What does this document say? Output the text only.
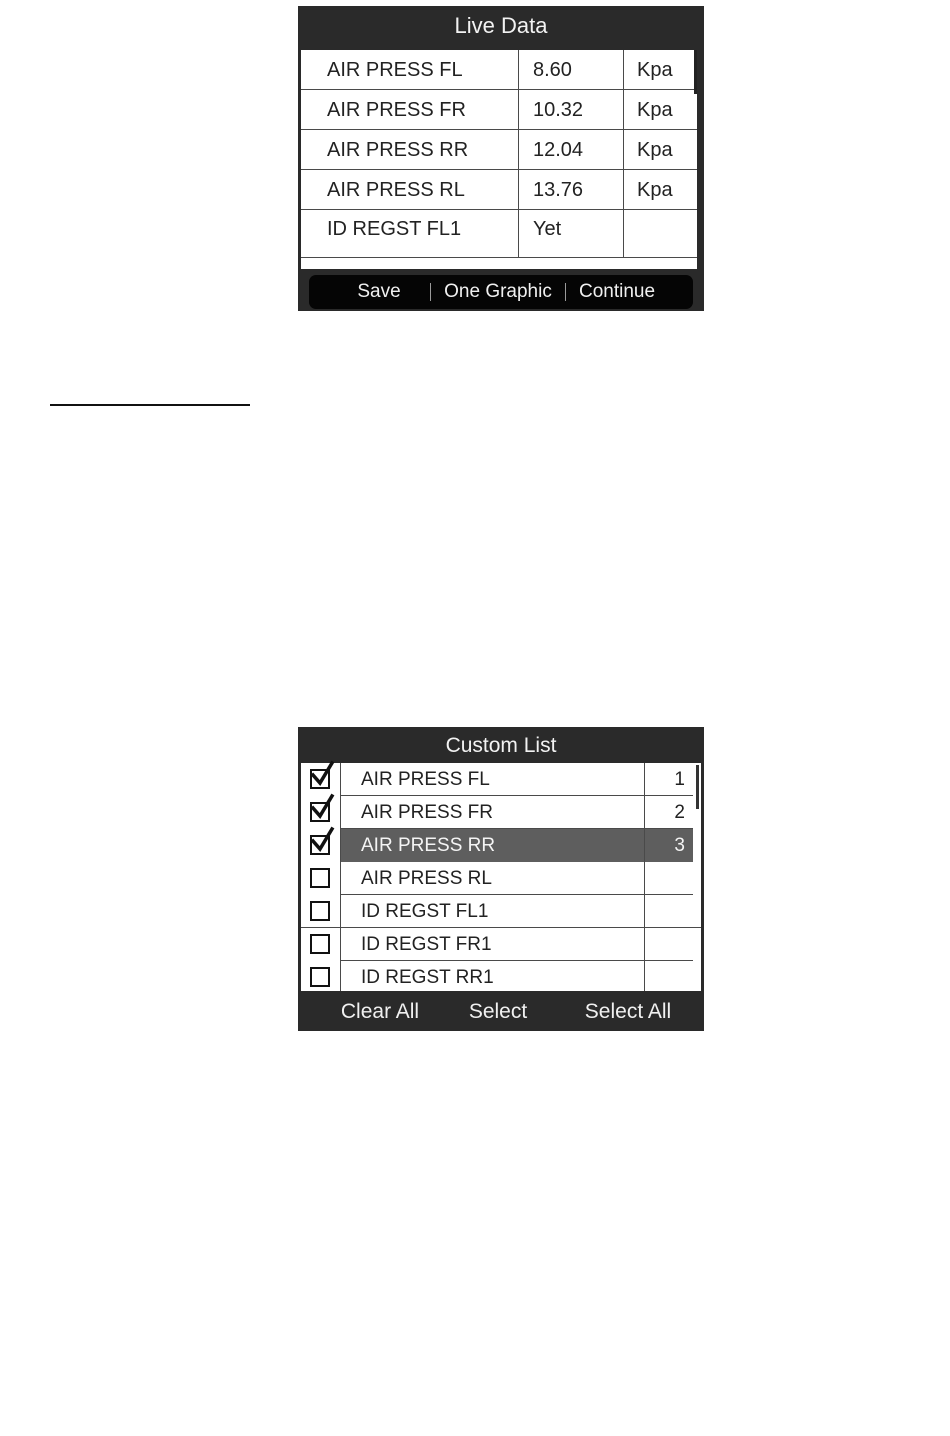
Live Data
AIR PRESS FL	8.60	Kpa
AIR PRESS FR	10.32	Kpa
AIR PRESS RR	12.04	Kpa
AIR PRESS RL	13.76	Kpa
ID REGST FL1	Yet
Save	One Graphic	Continue
Custom List
AIR PRESS FL	1
AIR PRESS FR	2
AIR PRESS RR	3
AIR PRESS RL
ID REGST FL1
ID REGST FR1
ID REGST RR1
Clear All	Select	Select All
